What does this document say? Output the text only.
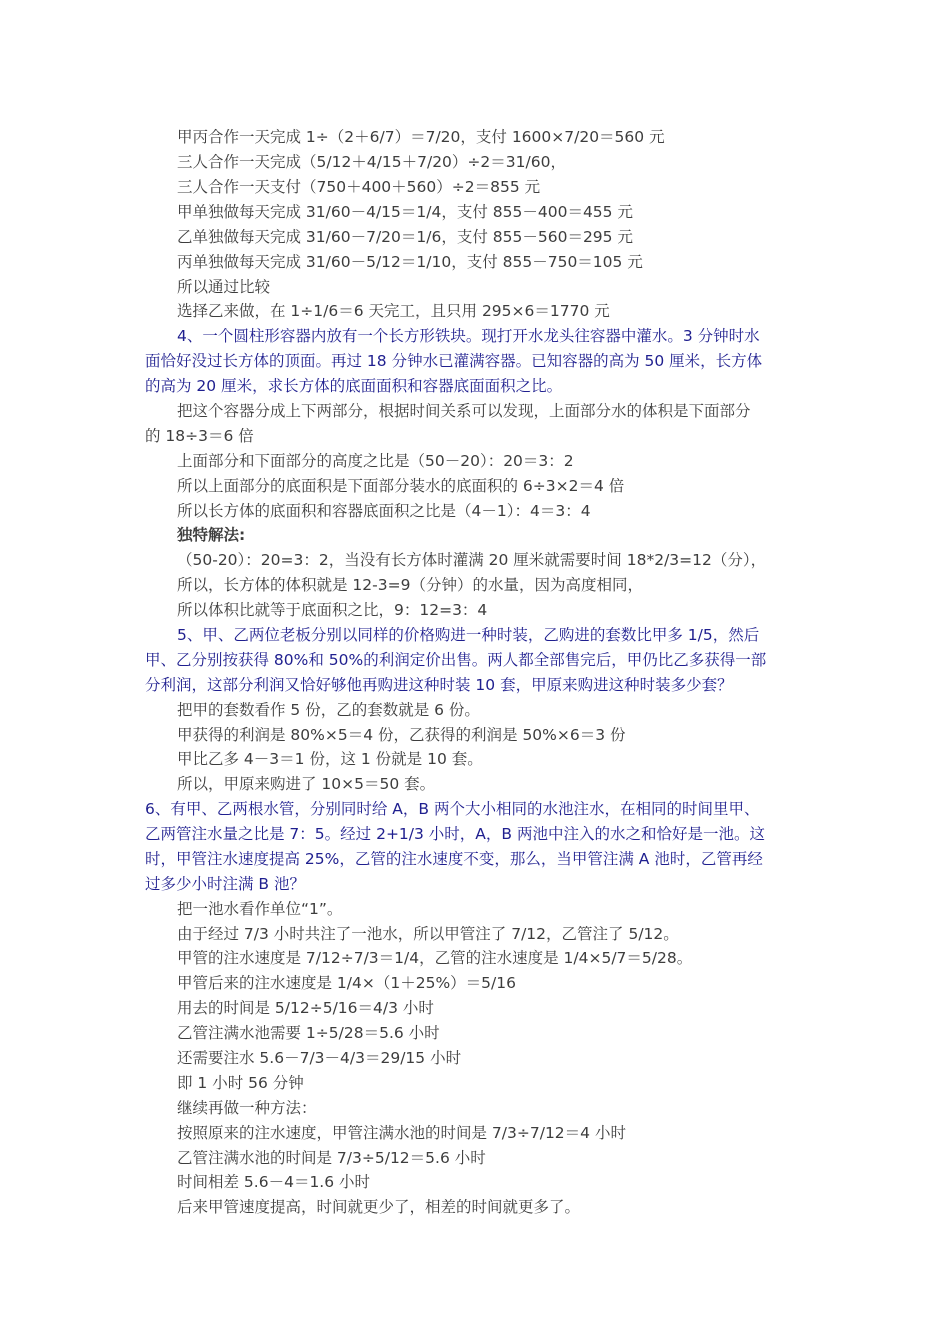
甲丙合作一天完成 1÷（2＋6/7）＝7/20，支付 1600×7/20＝560 元
三人合作一天完成（5/12＋4/15＋7/20）÷2＝31/60，
三人合作一天支付（750＋400＋560）÷2＝855 元
甲单独做每天完成 31/60－4/15＝1/4，支付 855－400＝455 元
乙单独做每天完成 31/60－7/20＝1/6，支付 855－560＝295 元
丙单独做每天完成 31/60－5/12＝1/10，支付 855－750＝105 元
所以通过比较
选择乙来做，在 1÷1/6＝6 天完工，且只用 295×6＝1770 元
4、一个圆柱形容器内放有一个长方形铁块。现打开水龙头往容器中灌水。3 分钟时水
面恰好没过长方体的顶面。再过 18 分钟水已灌满容器。已知容器的高为 50 厘米，长方体
的高为 20 厘米，求长方体的底面面积和容器底面面积之比。
把这个容器分成上下两部分，根据时间关系可以发现，上面部分水的体积是下面部分
的 18÷3＝6 倍
上面部分和下面部分的高度之比是（50－20）：20＝3：2
所以上面部分的底面积是下面部分装水的底面积的 6÷3×2＝4 倍
所以长方体的底面积和容器底面积之比是（4－1）：4＝3：4
独特解法:
（50-20）：20=3：2，当没有长方体时灌满 20 厘米就需要时间 18*2/3=12（分），
所以，长方体的体积就是 12-3=9（分钟）的水量，因为高度相同，
所以体积比就等于底面积之比，9：12=3：4
5、甲、乙两位老板分别以同样的价格购进一种时装，乙购进的套数比甲多 1/5，然后
甲、乙分别按获得 80%和 50%的利润定价出售。两人都全部售完后，甲仍比乙多获得一部
分利润，这部分利润又恰好够他再购进这种时装 10 套，甲原来购进这种时装多少套？
把甲的套数看作 5 份，乙的套数就是 6 份。
甲获得的利润是 80%×5＝4 份，乙获得的利润是 50%×6＝3 份
甲比乙多 4－3＝1 份，这 1 份就是 10 套。
所以，甲原来购进了 10×5＝50 套。
6、有甲、乙两根水管，分别同时给 A，B 两个大小相同的水池注水，在相同的时间里甲、
乙两管注水量之比是 7：5。经过 2+1/3 小时，A，B 两池中注入的水之和恰好是一池。这
时，甲管注水速度提高 25%，乙管的注水速度不变，那么，当甲管注满 A 池时，乙管再经
过多少小时注满 B 池？
把一池水看作单位“1”。
由于经过 7/3 小时共注了一池水，所以甲管注了 7/12，乙管注了 5/12。
甲管的注水速度是 7/12÷7/3＝1/4，乙管的注水速度是 1/4×5/7＝5/28。
甲管后来的注水速度是 1/4×（1＋25%）＝5/16
用去的时间是 5/12÷5/16＝4/3 小时
乙管注满水池需要 1÷5/28＝5.6 小时
还需要注水 5.6－7/3－4/3＝29/15 小时
即 1 小时 56 分钟
继续再做一种方法：
按照原来的注水速度，甲管注满水池的时间是 7/3÷7/12＝4 小时
乙管注满水池的时间是 7/3÷5/12＝5.6 小时
时间相差 5.6－4＝1.6 小时
后来甲管速度提高，时间就更少了，相差的时间就更多了。
